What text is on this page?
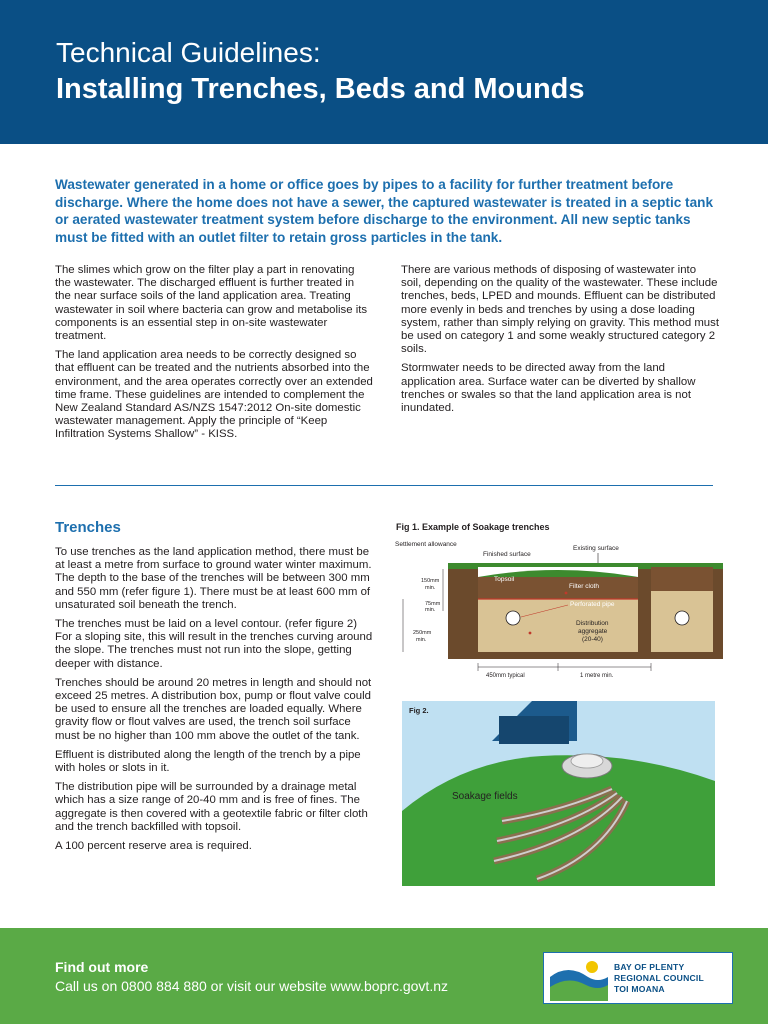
Technical Guidelines:
Installing Trenches, Beds and Mounds
Wastewater generated in a home or office goes by pipes to a facility for further treatment before discharge. Where the home does not have a sewer, the captured wastewater is treated in a septic tank or aerated wastewater treatment system before discharge to the environment. All new septic tanks must be fitted with an outlet filter to retain gross particles in the tank.

The slimes which grow on the filter play a part in renovating the wastewater. The discharged effluent is further treated in the near surface soils of the land application area. Treating wastewater in soil where bacteria can grow and metabolise its components is an essential step in on-site wastewater treatment.

The land application area needs to be correctly designed so that effluent can be treated and the nutrients absorbed into the environment, and the area operates correctly over an extended time frame. These guidelines are intended to complement the New Zealand Standard AS/NZS 1547:2012 On-site domestic wastewater management. Apply the principle of “Keep Infiltration Systems Shallow” - KISS.

There are various methods of disposing of wastewater into soil, depending on the quality of the wastewater. These include trenches, beds, LPED and mounds. Effluent can be distributed more evenly in beds and trenches by using a dose loading system, rather than simply relying on gravity. This method must be used on category 1 and some weakly structured category 2 soils.

Stormwater needs to be directed away from the land application area. Surface water can be diverted by shallow trenches or swales so that the land application area is not inundated.

Trenches

To use trenches as the land application method, there must be at least a metre from surface to ground water winter maximum. The depth to the base of the trenches will be between 300 mm and 550 mm (refer figure 1). There must be at least 600 mm of unsaturated soil beneath the trench.

The trenches must be laid on a level contour. (refer figure 2) For a sloping site, this will result in the trenches curving around the slope. The trenches must not run into the slope, getting deeper with distance.

Trenches should be around 20 metres in length and should not exceed 25 metres. A distribution box, pump or flout valve could be used to ensure all the trenches are loaded equally. Where gravity flow or flout valves are used, the trench soil surface must be no higher than 100 mm above the outlet of the tank.

Effluent is distributed along the length of the trench by a pipe with holes or slots in it.

The distribution pipe will be surrounded by a drainage metal which has a size range of 20-40 mm and is free of fines. The aggregate is then covered with a geotextile fabric or filter cloth and the trench backfilled with topsoil.

A 100 percent reserve area is required.

Fig 1. Example of Soakage trenches
Settlement allowance
Finished surface
Existing surface
Topsoil
Filter cloth
Perforated pipe
Distribution
aggregate
(20-40)
150mm
min.
75mm
min.
250mm
min.
450mm typical	1 metre min.
Fig 2.
Soakage fields
Find out more
Call us on 0800 884 880 or visit our website www.boprc.govt.nz
BAY OF PLENTY
REGIONAL COUNCIL
TOI MOANA
